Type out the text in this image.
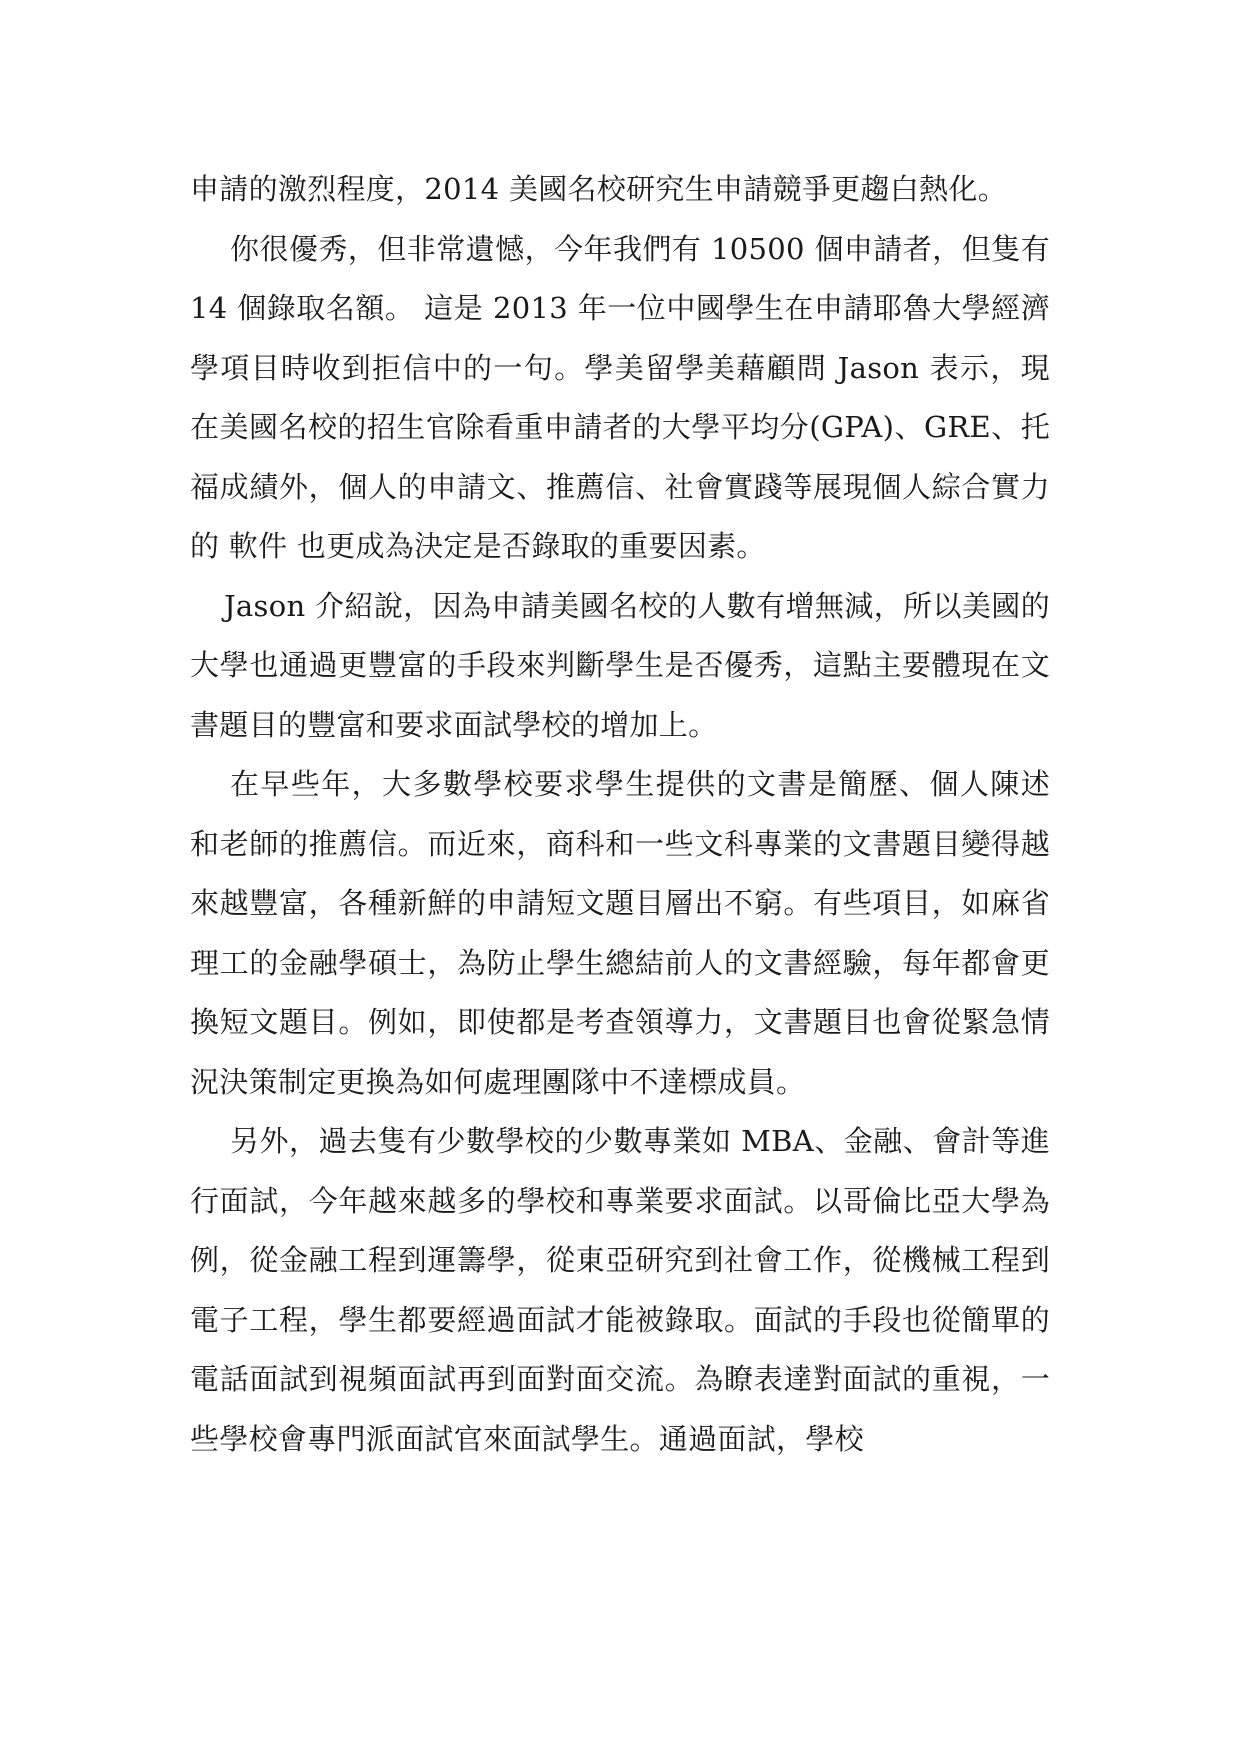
申請的激烈程度，2014 美國名校研究生申請競爭更趨白熱化。

你很優秀，但非常遺憾，今年我們有 10500 個申請者，但隻有 14 個錄取名額。 這是 2013 年一位中國學生在申請耶魯大學經濟學項目時收到拒信中的一句。學美留學美藉顧問 Jason 表示，現在美國名校的招生官除看重申請者的大學平均分(GPA)、GRE、托福成績外，個人的申請文、推薦信、社會實踐等展現個人綜合實力的 軟件 也更成為決定是否錄取的重要因素。

Jason 介紹說，因為申請美國名校的人數有增無減，所以美國的大學也通過更豐富的手段來判斷學生是否優秀，這點主要體現在文書題目的豐富和要求面試學校的增加上。

在早些年，大多數學校要求學生提供的文書是簡歷、個人陳述和老師的推薦信。而近來，商科和一些文科專業的文書題目變得越來越豐富，各種新鮮的申請短文題目層出不窮。有些項目，如麻省理工的金融學碩士，為防止學生總結前人的文書經驗，每年都會更換短文題目。例如，即使都是考查領導力，文書題目也會從緊急情況決策制定更換為如何處理團隊中不達標成員。

另外，過去隻有少數學校的少數專業如 MBA、金融、會計等進行面試，今年越來越多的學校和專業要求面試。以哥倫比亞大學為例，從金融工程到運籌學，從東亞研究到社會工作，從機械工程到電子工程，學生都要經過面試才能被錄取。面試的手段也從簡單的電話面試到視頻面試再到面對面交流。為瞭表達對面試的重視，一些學校會專門派面試官來面試學生。通過面試，學校
